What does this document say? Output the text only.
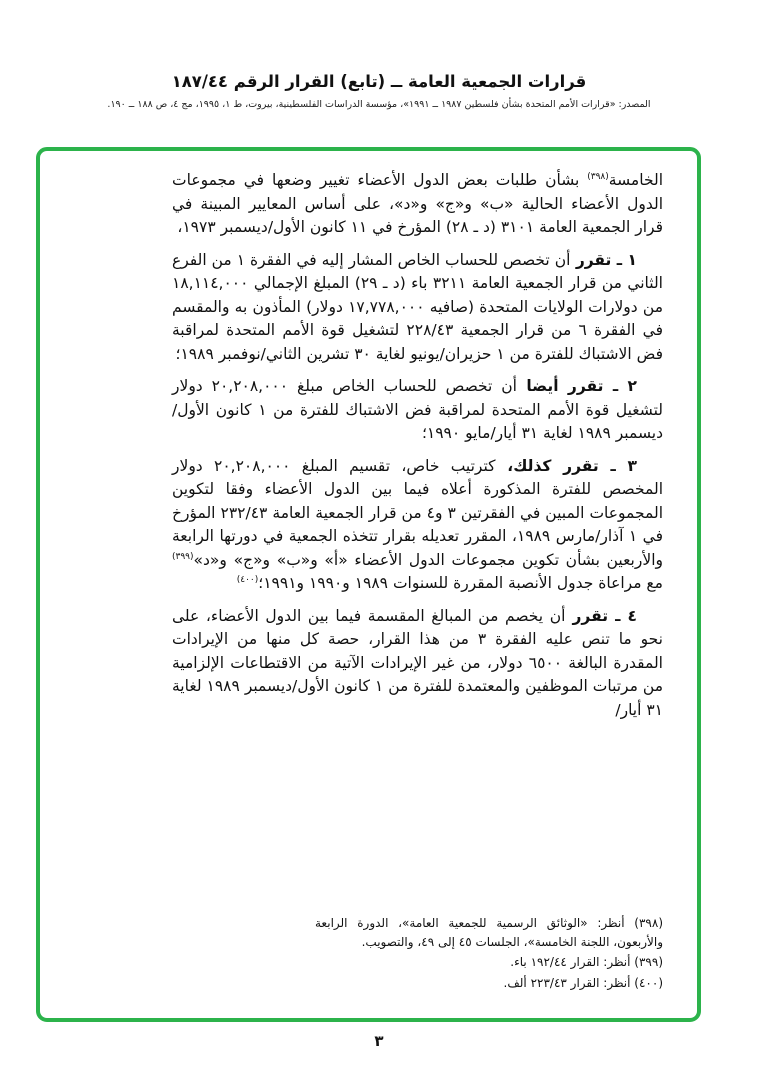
قرارات الجمعية العامة ــ (تابع) القرار الرقم ١٨٧/٤٤
المصدر: «قرارات الأمم المتحدة بشأن فلسطين ١٩٨٧ ــ ١٩٩١»، مؤسسة الدراسات الفلسطينية، بيروت، ط ١، ١٩٩٥، مج ٤، ص ١٨٨ ــ ١٩٠.

الخامسة$^{(٣٩٨)}$ بشأن طلبات بعض الدول الأعضاء تغيير وضعها في مجموعات الدول الأعضاء الحالية «ب» و«ج» و«د»، على أساس المعايير المبينة في قرار الجمعية العامة ٣١٠١ (د ـ ٢٨) المؤرخ في ١١ كانون الأول/ديسمبر ١٩٧٣،

١ ـ تقرر أن تخصص للحساب الخاص المشار إليه في الفقرة ١ من الفرع الثاني من قرار الجمعية العامة ٣٢١١ باء (د ـ ٢٩) المبلغ الإجمالي ١٨,١١٤,٠٠٠ من دولارات الولايات المتحدة (صافيه ١٧,٧٧٨,٠٠٠ دولار) المأذون به والمقسم في الفقرة ٦ من قرار الجمعية ٢٢٨/٤٣ لتشغيل قوة الأمم المتحدة لمراقبة فض الاشتباك للفترة من ١ حزيران/يونيو لغاية ٣٠ تشرين الثاني/نوفمبر ١٩٨٩؛

٢ ـ تقرر أيضا أن تخصص للحساب الخاص مبلغ ٢٠,٢٠٨,٠٠٠ دولار لتشغيل قوة الأمم المتحدة لمراقبة فض الاشتباك للفترة من ١ كانون الأول/ديسمبر ١٩٨٩ لغاية ٣١ أيار/مايو ١٩٩٠؛

٣ ـ تقرر كذلك، كترتيب خاص، تقسيم المبلغ ٢٠,٢٠٨,٠٠٠ دولار المخصص للفترة المذكورة أعلاه فيما بين الدول الأعضاء وفقا لتكوين المجموعات المبين في الفقرتين ٣ و٤ من قرار الجمعية العامة ٢٣٢/٤٣ المؤرخ في ١ آذار/مارس ١٩٨٩، المقرر تعديله بقرار تتخذه الجمعية في دورتها الرابعة والأربعين بشأن تكوين مجموعات الدول الأعضاء «أ» و«ب» و«ج» و«د»$^{(٣٩٩)}$ مع مراعاة جدول الأنصبة المقررة للسنوات ١٩٨٩ و١٩٩٠ و١٩٩١؛$^{(٤٠٠)}$

٤ ـ تقرر أن يخصم من المبالغ المقسمة فيما بين الدول الأعضاء، على نحو ما تنص عليه الفقرة ٣ من هذا القرار، حصة كل منها من الإيرادات المقدرة البالغة ٦٥٠٠ دولار، من غير الإيرادات الآتية من الاقتطاعات الإلزامية من مرتبات الموظفين والمعتمدة للفترة من ١ كانون الأول/ديسمبر ١٩٨٩ لغاية ٣١ أيار/

(٣٩٨) أنظر: «الوثائق الرسمية للجمعية العامة»، الدورة الرابعة والأربعون، اللجنة الخامسة»، الجلسات ٤٥ إلى ٤٩، والتصويب.

(٣٩٩) أنظر: القرار ١٩٢/٤٤ باء.

(٤٠٠) أنظر: القرار ٢٢٣/٤٣ ألف.

٣
